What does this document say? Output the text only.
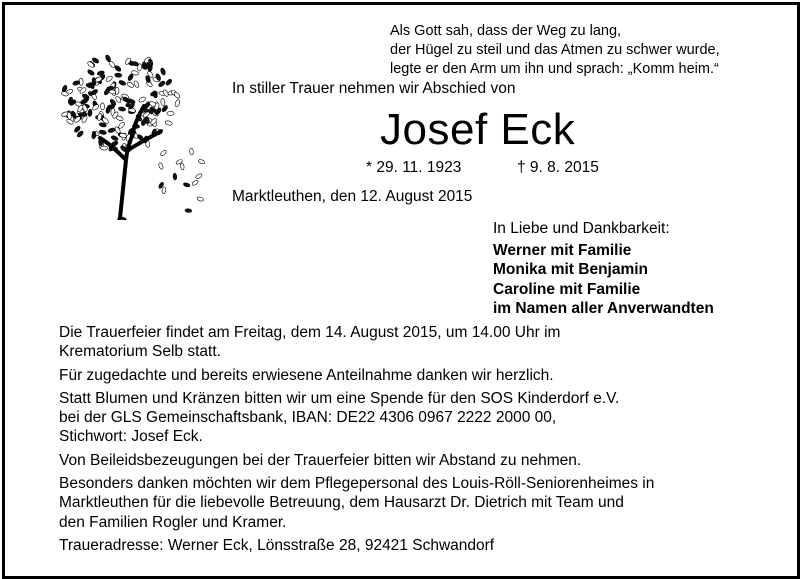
Als Gott sah, dass der Weg zu lang,
der Hügel zu steil und das Atmen zu schwer wurde,
legte er den Arm um ihn und sprach: „Komm heim.“
In stiller Trauer nehmen wir Abschied von
Josef Eck
* 29. 11. 1923	† 9. 8. 2015
Marktleuthen, den 12. August 2015
In Liebe und Dankbarkeit:
Werner mit Familie
Monika mit Benjamin
Caroline mit Familie
im Namen aller Anverwandten

Die Trauerfeier findet am Freitag, dem 14. August 2015, um 14.00 Uhr im
Krematorium Selb statt.

Für zugedachte und bereits erwiesene Anteilnahme danken wir herzlich.

Statt Blumen und Kränzen bitten wir um eine Spende für den SOS Kinderdorf e.V.
bei der GLS Gemeinschaftsbank, IBAN: DE22 4306 0967 2222 2000 00,
Stichwort: Josef Eck.

Von Beileidsbezeugungen bei der Trauerfeier bitten wir Abstand zu nehmen.

Besonders danken möchten wir dem Pflegepersonal des Louis-Röll-Seniorenheimes in
Marktleuthen für die liebevolle Betreuung, dem Hausarzt Dr. Dietrich mit Team und
den Familien Rogler und Kramer.

Traueradresse: Werner Eck, Lönsstraße 28, 92421 Schwandorf
